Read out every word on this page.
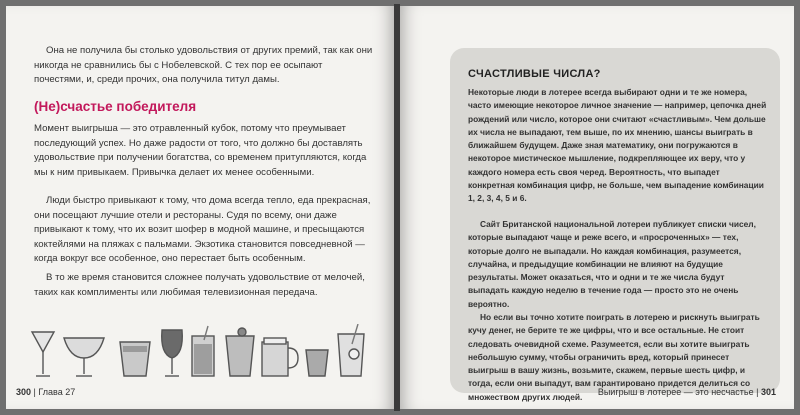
Она не получила бы столько удовольствия от других премий, так как они никогда не сравнились бы с Нобелевской. С тех пор ее осыпают почестями, и, среди прочих, она получила титул дамы.

(Не)счастье победителя

Момент выигрыша — это отравленный кубок, потому что преумывает последующий успех. Но даже радости от того, что должно бы доставлять удовольствие при получении богатства, со временем притупляются, когда мы к ним привыкаем. Привычка делает их менее особенными.

Люди быстро привыкают к тому, что дома всегда тепло, еда прекрасная, они посещают лучшие отели и рестораны. Судя по всему, они даже привыкают к тому, что их возит шофер в модной машине, и пресыщаются коктейлями на пляжах с пальмами. Экзотика становится повседневной — когда вокруг все особенное, оно перестает быть особенным.

В то же время становится сложнее получать удовольствие от мелочей, таких как комплименты или любимая телевизионная передача.

300 | Глава 27
СЧАСТЛИВЫЕ ЧИСЛА?

Некоторые люди в лотерее всегда выбирают одни и те же номера, часто имеющие некоторое личное значение — например, цепочка дней рождений или число, которое они считают «счастливым». Чем дольше их числа не выпадают, тем выше, по их мнению, шансы выиграть в ближайшем будущем. Даже зная математику, они погружаются в некоторое мистическое мышление, подкрепляющее их веру, что у каждого номера есть своя черед. Вероятность, что выпадет конкретная комбинация цифр, не больше, чем выпадение комбинации 1, 2, 3, 4, 5 и 6.

Сайт Британской национальной лотереи публикует списки чисел, которые выпадают чаще и реже всего, и «просроченных» — тех, которые долго не выпадали. Но каждая комбинация, разумеется, случайна, и предыдущие комбинации не влияют на будущие результаты. Может оказаться, что и одни и те же числа будут выпадать каждую неделю в течение года — просто это не очень вероятно.

Но если вы точно хотите поиграть в лотерею и рискнуть выиграть кучу денег, не берите те же цифры, что и все остальные. Не стоит следовать очевидной схеме. Разумеется, если вы хотите выиграть небольшую сумму, чтобы ограничить вред, который принесет выигрыш в вашу жизнь, возьмите, скажем, первые шесть цифр, и тогда, если они выпадут, вам гарантировано придется делиться со множеством других людей.	Выигрыш в лотерее — это несчастье | 301
